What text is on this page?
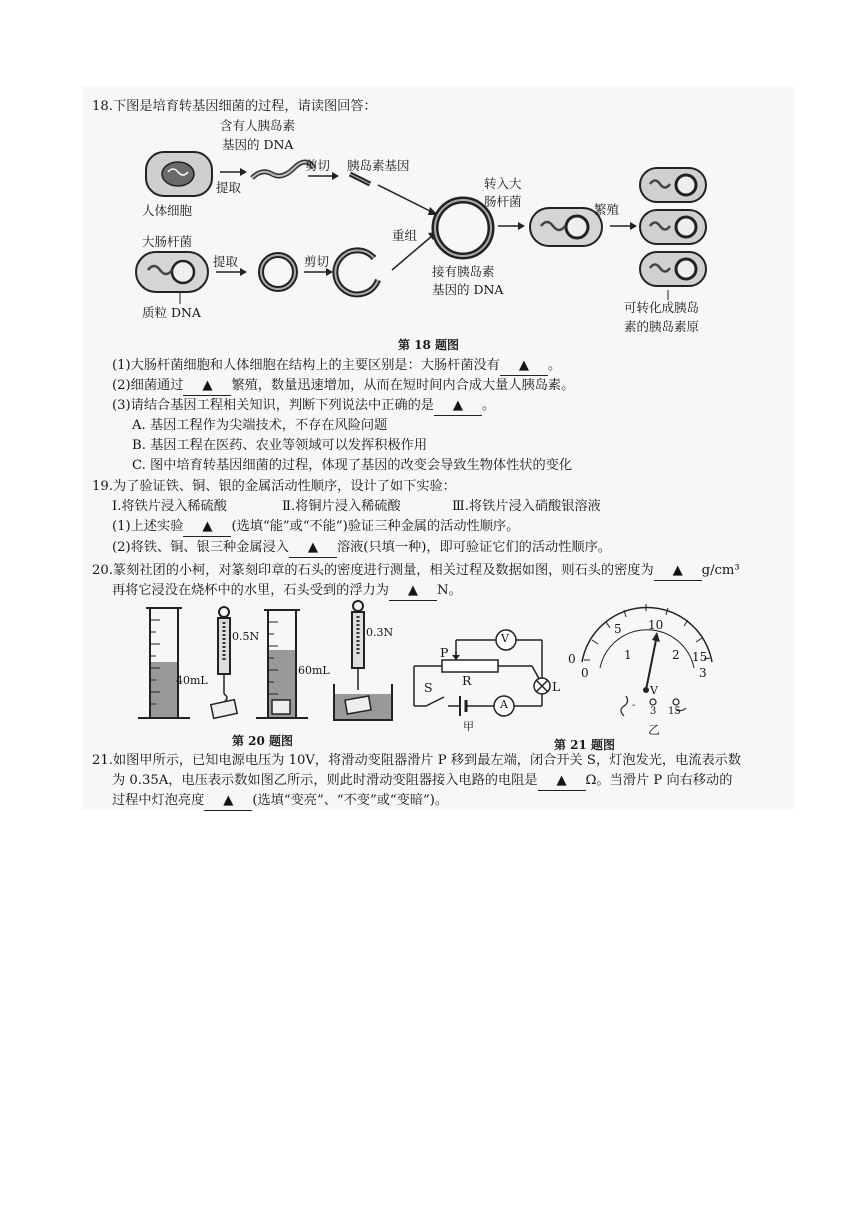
18.下图是培育转基因细菌的过程，请读图回答：
含有人胰岛素
基因的 DNA
提取
剪切 胰岛素基因
人体细胞
大肠杆菌
提取	剪切
质粒 DNA
重组
接有胰岛素
基因的 DNA
转入大
肠杆菌
繁殖
可转化成胰岛
素的胰岛素原
第 18 题图
(1)大肠杆菌细胞和人体细胞在结构上的主要区别是：大肠杆菌没有 ▲ 。
(2)细菌通过 ▲ 繁殖，数量迅速增加，从而在短时间内合成大量人胰岛素。
(3)请结合基因工程相关知识，判断下列说法中正确的是 ▲ 。
A. 基因工程作为尖端技术，不存在风险问题
B. 基因工程在医药、农业等领域可以发挥积极作用
C. 图中培育转基因细菌的过程，体现了基因的改变会导致生物体性状的变化
19.为了验证铁、铜、银的金属活动性顺序，设计了如下实验：
Ⅰ.将铁片浸入稀硫酸	Ⅱ.将铜片浸入稀硫酸	Ⅲ.将铁片浸入硝酸银溶液
(1)上述实验 ▲ (选填“能”或“不能”)验证三种金属的活动性顺序。
(2)将铁、铜、银三种金属浸入 ▲ 溶液(只填一种)，即可验证它们的活动性顺序。
20.篆刻社团的小柯，对篆刻印章的石头的密度进行测量，相关过程及数据如图，则石头的密度为 ▲ g/cm³
再将它浸没在烧杯中的水里，石头受到的浮力为 ▲ N。
40mL
0.5N
60mL
0.3N
第 20 题图
P
V
R	L
S
A
甲
5 10
15
0
0
1	2
3
V
-
3 15
乙
第 21 题图
21.如图甲所示，已知电源电压为 10V，将滑动变阻器滑片 P 移到最左端，闭合开关 S，灯泡发光，电流表示数
为 0.35A，电压表示数如图乙所示，则此时滑动变阻器接入电路的电阻是 ▲ Ω。当滑片 P 向右移动的
过程中灯泡亮度 ▲ (选填“变亮”、“不变”或“变暗”)。
